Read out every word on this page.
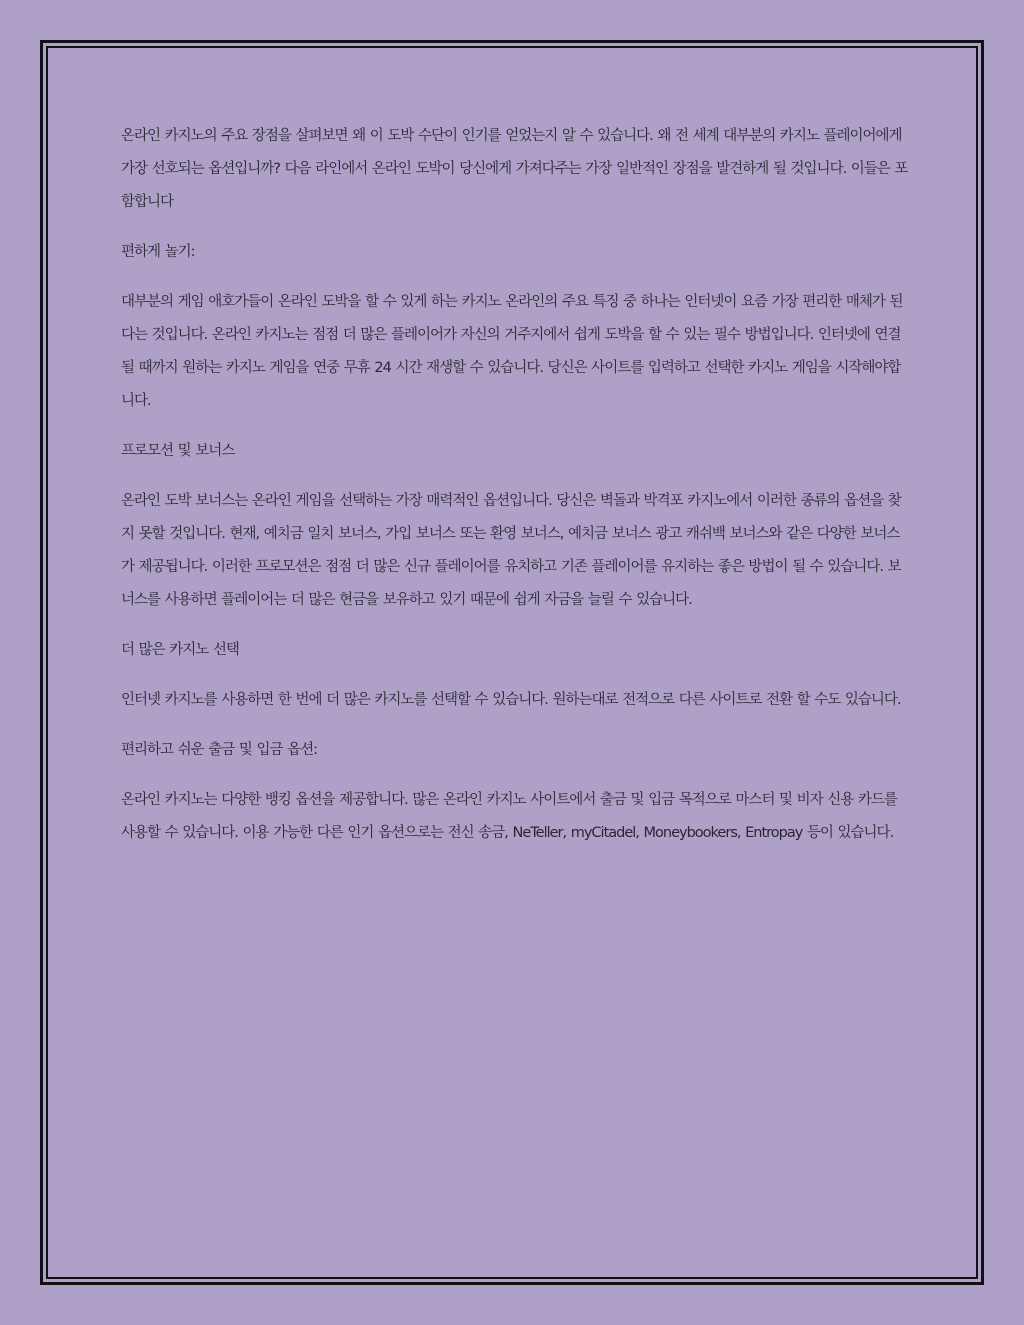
온라인 카지노의 주요 장점을 살펴보면 왜 이 도박 수단이 인기를 얻었는지 알 수 있습니다. 왜 전 세계 대부분의 카지노 플레이어에게 가장 선호되는 옵션입니까? 다음 라인에서 온라인 도박이 당신에게 가져다주는 가장 일반적인 장점을 발견하게 될 것입니다. 이들은 포함합니다

편하게 놀기:

대부분의 게임 애호가들이 온라인 도박을 할 수 있게 하는 카지노 온라인의 주요 특징 중 하나는 인터넷이 요즘 가장 편리한 매체가 된다는 것입니다. 온라인 카지노는 점점 더 많은 플레이어가 자신의 거주지에서 쉽게 도박을 할 수 있는 필수 방법입니다. 인터넷에 연결될 때까지 원하는 카지노 게임을 연중 무휴 24 시간 재생할 수 있습니다. 당신은 사이트를 입력하고 선택한 카지노 게임을 시작해야합니다.

프로모션 및 보너스

온라인 도박 보너스는 온라인 게임을 선택하는 가장 매력적인 옵션입니다. 당신은 벽돌과 박격포 카지노에서 이러한 종류의 옵션을 찾지 못할 것입니다. 현재, 예치금 일치 보너스, 가입 보너스 또는 환영 보너스, 예치금 보너스 광고 캐쉬백 보너스와 같은 다양한 보너스가 제공됩니다. 이러한 프로모션은 점점 더 많은 신규 플레이어를 유치하고 기존 플레이어를 유지하는 좋은 방법이 될 수 있습니다. 보너스를 사용하면 플레이어는 더 많은 현금을 보유하고 있기 때문에 쉽게 자금을 늘릴 수 있습니다.

더 많은 카지노 선택

인터넷 카지노를 사용하면 한 번에 더 많은 카지노를 선택할 수 있습니다. 원하는대로 전적으로 다른 사이트로 전환 할 수도 있습니다.

편리하고 쉬운 출금 및 입금 옵션:

온라인 카지노는 다양한 뱅킹 옵션을 제공합니다. 많은 온라인 카지노 사이트에서 출금 및 입금 목적으로 마스터 및 비자 신용 카드를 사용할 수 있습니다. 이용 가능한 다른 인기 옵션으로는 전신 송금, NeTeller, myCitadel, Moneybookers, Entropay 등이 있습니다.
